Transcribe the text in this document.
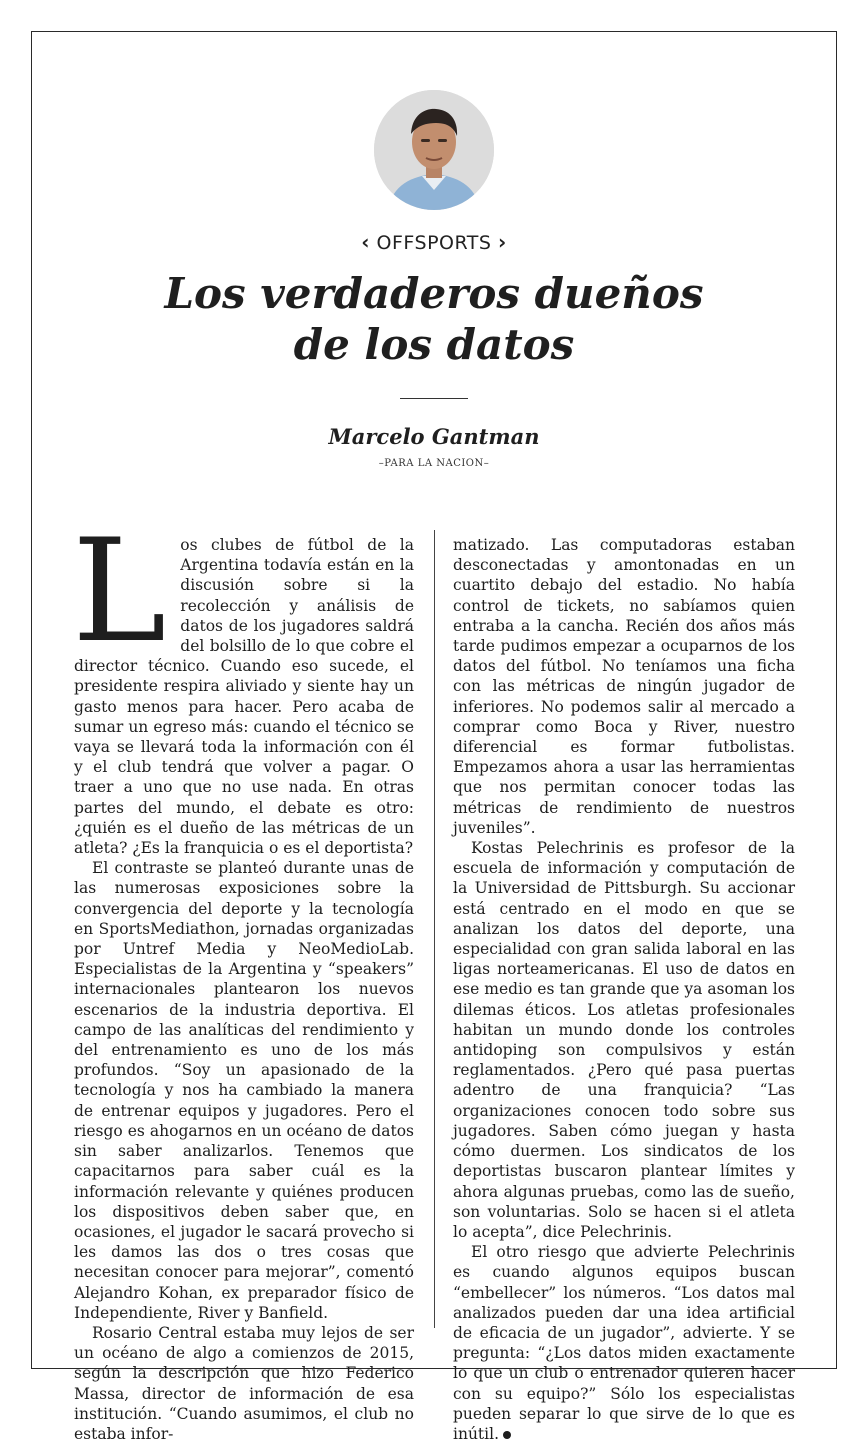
‹ OFFSPORTS ›
Los verdaderos dueños
de los datos
Marcelo Gantman
–PARA LA NACION–
L os clubes de fútbol de la Argentina todavía están en la discusión sobre si la recolección y análisis de datos de los jugadores saldrá del bolsillo de lo que cobre el director técnico. Cuando eso sucede, el presidente respira aliviado y siente hay un gasto menos para hacer. Pero acaba de sumar un egreso más: cuando el técnico se vaya se llevará toda la información con él y el club tendrá que volver a pagar. O traer a uno que no use nada. En otras partes del mundo, el debate es otro: ¿quién es el dueño de las métricas de un atleta? ¿Es la franquicia o es el deportista?

El contraste se planteó durante unas de las numerosas exposiciones sobre la convergencia del deporte y la tecnología en SportsMediathon, jornadas organizadas por Untref Media y NeoMedioLab. Especialistas de la Argentina y “speakers” internacionales plantearon los nuevos escenarios de la industria deportiva. El campo de las analíticas del rendimiento y del entrenamiento es uno de los más profundos. “Soy un apasionado de la tecnología y nos ha cambiado la manera de entrenar equipos y jugadores. Pero el riesgo es ahogarnos en un océano de datos sin saber analizarlos. Tenemos que capacitarnos para saber cuál es la información relevante y quiénes producen los dispositivos deben saber que, en ocasiones, el jugador le sacará provecho si les damos las dos o tres cosas que necesitan conocer para mejorar”, comentó Alejandro Kohan, ex preparador físico de Independiente, River y Banfield.

Rosario Central estaba muy lejos de ser un océano de algo a comienzos de 2015, según la descripción que hizo Federico Massa, director de información de esa institución. “Cuando asumimos, el club no estaba infor-

matizado. Las computadoras estaban desconectadas y amontonadas en un cuartito debajo del estadio. No había control de tickets, no sabíamos quien entraba a la cancha. Recién dos años más tarde pudimos empezar a ocuparnos de los datos del fútbol. No teníamos una ficha con las métricas de ningún jugador de inferiores. No podemos salir al mercado a comprar como Boca y River, nuestro diferencial es formar futbolistas. Empezamos ahora a usar las herramientas que nos permitan conocer todas las métricas de rendimiento de nuestros juveniles”.

Kostas Pelechrinis es profesor de la escuela de información y computación de la Universidad de Pittsburgh. Su accionar está centrado en el modo en que se analizan los datos del deporte, una especialidad con gran salida laboral en las ligas norteamericanas. El uso de datos en ese medio es tan grande que ya asoman los dilemas éticos. Los atletas profesionales habitan un mundo donde los controles antidoping son compulsivos y están reglamentados. ¿Pero qué pasa puertas adentro de una franquicia? “Las organizaciones conocen todo sobre sus jugadores. Saben cómo juegan y hasta cómo duermen. Los sindicatos de los deportistas buscaron plantear límites y ahora algunas pruebas, como las de sueño, son voluntarias. Solo se hacen si el atleta lo acepta”, dice Pelechrinis.

El otro riesgo que advierte Pelechrinis es cuando algunos equipos buscan “embellecer” los números. “Los datos mal analizados pueden dar una idea artificial de eficacia de un jugador”, advierte. Y se pregunta: “¿Los datos miden exactamente lo que un club o entrenador quieren hacer con su equipo?” Sólo los especialistas pueden separar lo que sirve de lo que es inútil.
